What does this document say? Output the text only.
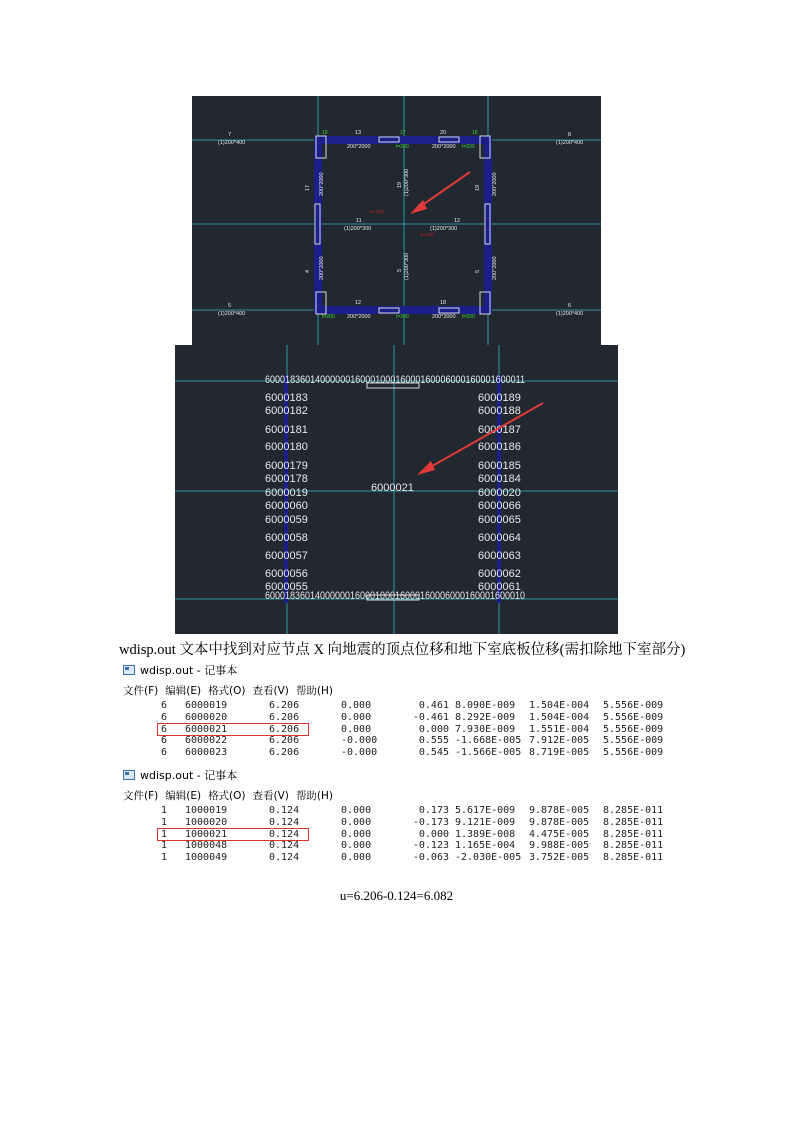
19	18
t=200	t=200
t=200	t=200
t=200
17
7
(1)200*400
8
(1)200*400
5
(1)200*400
6
(1)200*400
13	20
200*2000	200*2000
200*2000	200*2000
12	18
11
(1)200*300
12
(1)200*300
17 200*2000
4 200*2000
19 200*2000
5 200*2000
19 (1)200*300
5 (1)200*300
N=1(Z)
N=1(Z)
6000183601400000016000100016000160006000160001600011
6000183601400000016000100016000160006000160001600010
6000021
6000183
6000182
6000181
6000180
6000179
6000178
6000019
6000060
6000059
6000058
6000057
6000056
6000055
6000189
6000188
6000187
6000186
6000185
6000184
6000020
6000066
6000065
6000064
6000063
6000062
6000061
wdisp.out 文本中找到对应节点 X 向地震的顶点位移和地下室底板位移(需扣除地下室部分)
wdisp.out - 记事本
文件(F) 编辑(E) 格式(O) 查看(V) 帮助(H)
6 6000019	6.206	0.000	0.461 8.090E-009 1.504E-004 5.556E-009
6 6000020	6.206	0.000	-0.461 8.292E-009 1.504E-004 5.556E-009
6 6000021	6.206	0.000	0.000 7.930E-009 1.551E-004 5.556E-009
6 6000022	6.206	-0.000	0.555 -1.668E-005 7.912E-005 5.556E-009
6 6000023	6.206	-0.000	0.545 -1.566E-005 8.719E-005 5.556E-009
wdisp.out - 记事本
文件(F) 编辑(E) 格式(O) 查看(V) 帮助(H)
1 1000019	0.124	0.000	0.173 5.617E-009 9.878E-005 8.285E-011
1 1000020	0.124	0.000	-0.173 9.121E-009 9.878E-005 8.285E-011
1 1000021	0.124	0.000	0.000 1.389E-008 4.475E-005 8.285E-011
1 1000048	0.124	0.000	-0.123 1.165E-004 9.988E-005 8.285E-011
1 1000049	0.124	0.000	-0.063 -2.030E-005 3.752E-005 8.285E-011
u=6.206-0.124=6.082
